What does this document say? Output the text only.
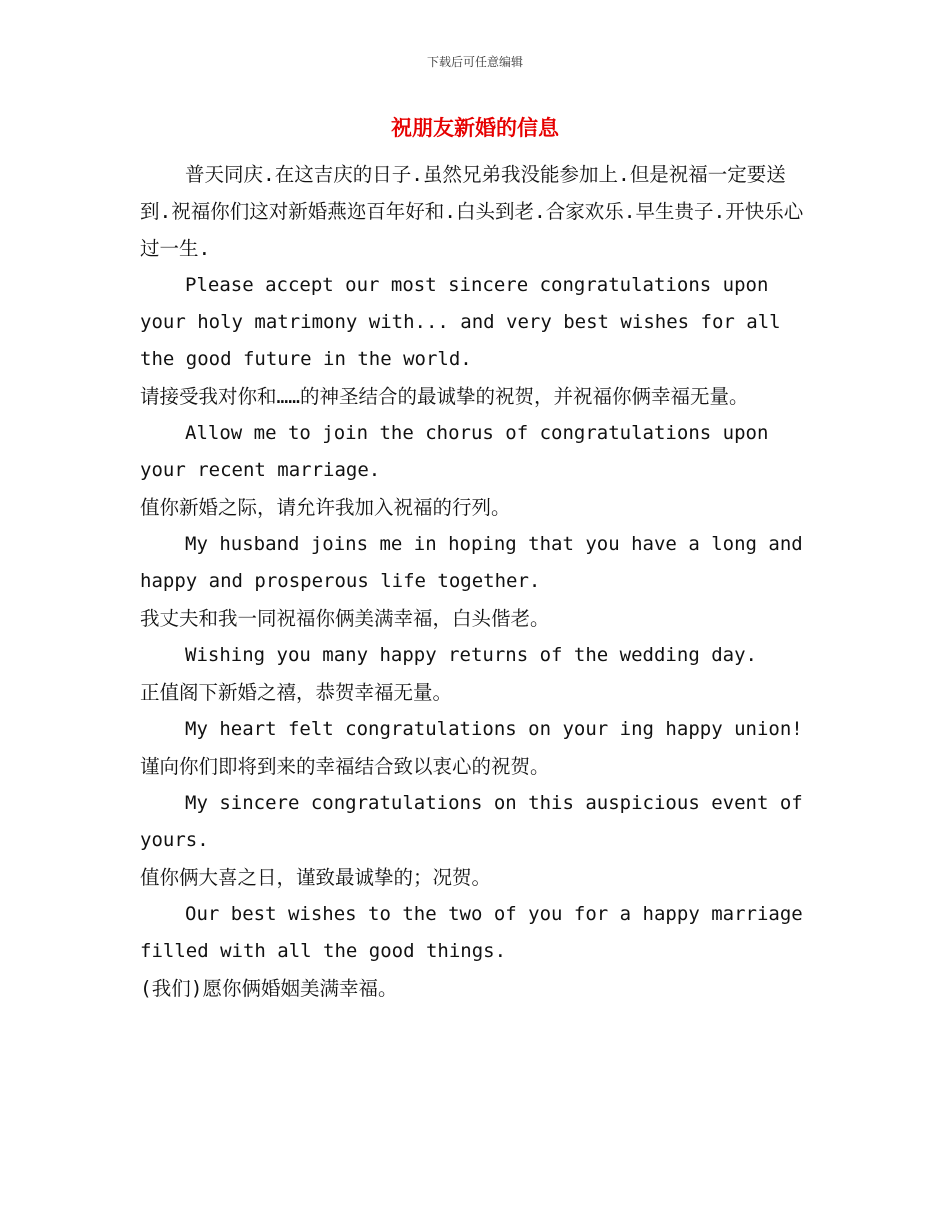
下载后可任意编辑
祝朋友新婚的信息

普天同庆.在这吉庆的日子.虽然兄弟我没能参加上.但是祝福一定要送到.祝福你们这对新婚燕迩百年好和.白头到老.合家欢乐.早生贵子.开快乐心过一生.

Please accept our most sincere congratulations upon your holy matrimony with... and very best wishes for all the good future in the world.

请接受我对你和……的神圣结合的最诚挚的祝贺，并祝福你俩幸福无量。

Allow me to join the chorus of congratulations upon your recent marriage.

值你新婚之际，请允许我加入祝福的行列。

My husband joins me in hoping that you have a long and happy and prosperous life together.

我丈夫和我一同祝福你俩美满幸福，白头偕老。

Wishing you many happy returns of the wedding day.

正值阁下新婚之禧，恭贺幸福无量。

My heart felt congratulations on your ing happy union!

谨向你们即将到来的幸福结合致以衷心的祝贺。

My sincere congratulations on this auspicious event of yours.

值你俩大喜之日，谨致最诚挚的；况贺。

Our best wishes to the two of you for a happy marriage filled with all the good things.

(我们)愿你俩婚姻美满幸福。
